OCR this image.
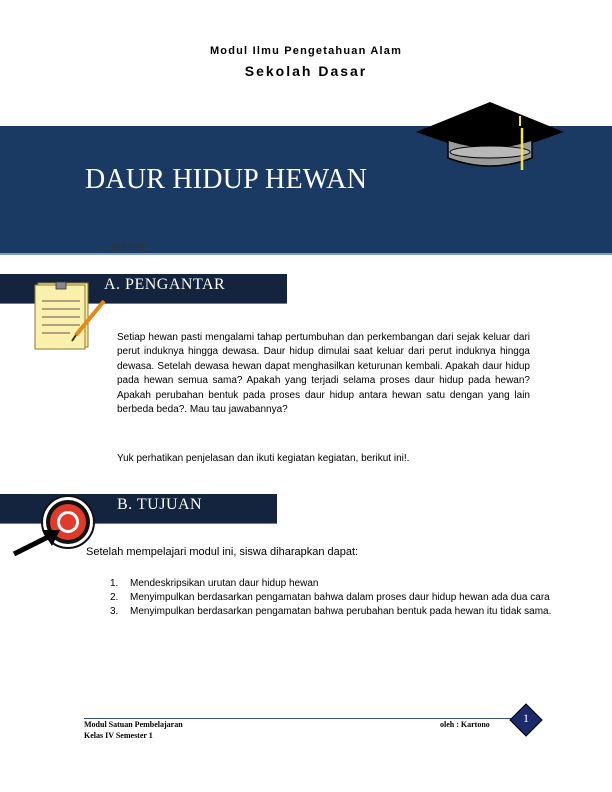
Modul Ilmu Pengetahuan Alam
Sekolah Dasar
DAUR HIDUP HEWAN
50 Menit
A. PENGANTAR
Setiap hewan pasti mengalami tahap pertumbuhan dan perkembangan dari sejak keluar dari perut induknya hingga dewasa. Daur hidup dimulai saat keluar dari perut induknya hingga dewasa. Setelah dewasa hewan dapat menghasilkan keturunan kembali. Apakah daur hidup pada hewan semua sama? Apakah yang terjadi selama proses daur hidup pada hewan? Apakah perubahan bentuk pada proses daur hidup antara hewan satu dengan yang lain berbeda beda?. Mau tau jawabannya?
Yuk perhatikan penjelasan dan ikuti kegiatan kegiatan, berikut ini!.
B. TUJUAN
Setelah mempelajari modul ini, siswa diharapkan dapat:
1. Mendeskripsikan urutan daur hidup hewan
2. Menyimpulkan berdasarkan pengamatan bahwa dalam proses daur hidup hewan ada dua cara
3. Menyimpulkan berdasarkan pengamatan bahwa perubahan bentuk pada hewan itu tidak sama.
Modul Satuan Pembelajaran
Kelas IV Semester 1
oleh : Kartono	1
